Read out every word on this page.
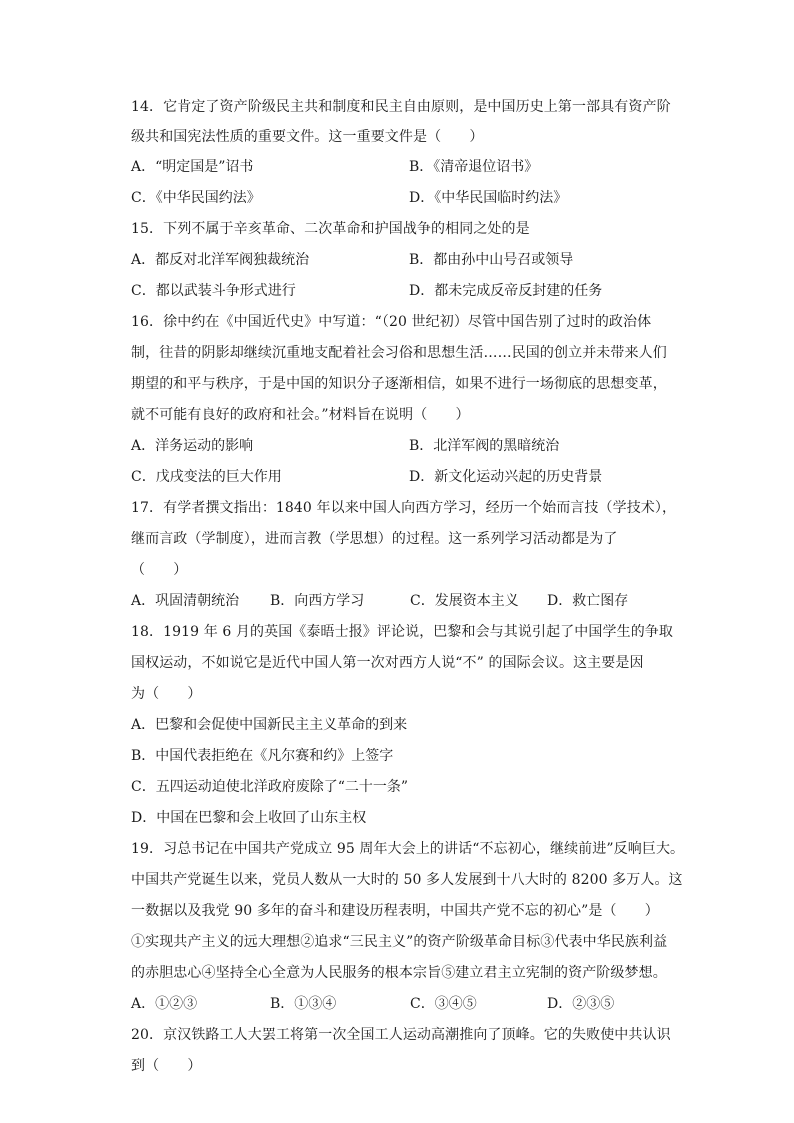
14．它肯定了资产阶级民主共和制度和民主自由原则，是中国历史上第一部具有资产阶
级共和国宪法性质的重要文件。这一重要文件是（　　）
A．“明定国是”诏书	B．《清帝退位诏书》
C．《中华民国约法》	D．《中华民国临时约法》
15．下列不属于辛亥革命、二次革命和护国战争的相同之处的是
A．都反对北洋军阀独裁统治	B．都由孙中山号召或领导
C．都以武装斗争形式进行	D．都未完成反帝反封建的任务
16．徐中约在《中国近代史》中写道：“（20 世纪初）尽管中国告别了过时的政治体
制，往昔的阴影却继续沉重地支配着社会习俗和思想生活……民国的创立并未带来人们
期望的和平与秩序，于是中国的知识分子逐渐相信，如果不进行一场彻底的思想变革，
就不可能有良好的政府和社会。”材料旨在说明（　　）
A．洋务运动的影响	B．北洋军阀的黑暗统治
C．戊戌变法的巨大作用	D．新文化运动兴起的历史背景
17．有学者撰文指出：1840 年以来中国人向西方学习，经历一个始而言技（学技术），
继而言政（学制度），进而言教（学思想）的过程。这一系列学习活动都是为了
（　　）
A．巩固清朝统治 B．向西方学习	C．发展资本主义 D．救亡图存
18．1919 年 6 月的英国《泰晤士报》评论说，巴黎和会与其说引起了中国学生的争取
国权运动，不如说它是近代中国人第一次对西方人说“不” 的国际会议。这主要是因
为（　　）
A．巴黎和会促使中国新民主主义革命的到来
B．中国代表拒绝在《凡尔赛和约》上签字
C．五四运动迫使北洋政府废除了“二十一条”
D．中国在巴黎和会上收回了山东主权
19．习总书记在中国共产党成立 95 周年大会上的讲话“不忘初心，继续前进”反响巨大。
中国共产党诞生以来，党员人数从一大时的 50 多人发展到十八大时的 8200 多万人。这
一数据以及我党 90 多年的奋斗和建设历程表明，中国共产党不忘的初心”是（　　）
①实现共产主义的远大理想②追求“三民主义”的资产阶级革命目标③代表中华民族利益
的赤胆忠心④坚持全心全意为人民服务的根本宗旨⑤建立君主立宪制的资产阶级梦想。
A．①②③	B．①③④	C．③④⑤	D．②③⑤
20．京汉铁路工人大罢工将第一次全国工人运动高潮推向了顶峰。它的失败使中共认识
到（　　）
